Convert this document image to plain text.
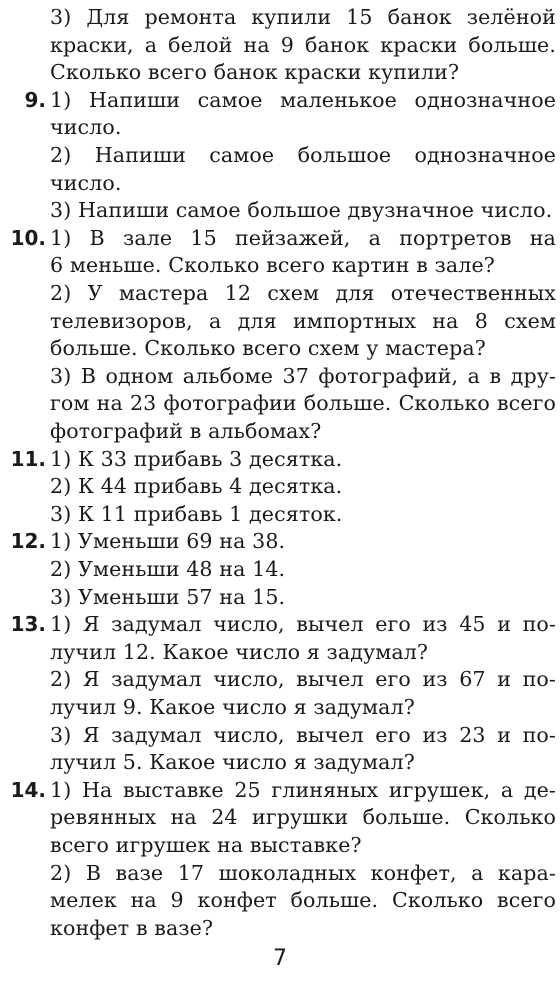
3) Для ремонта купили 15 банок зелёной
краски, а белой на 9 банок краски больше.
Сколько всего банок краски купили?
1) Напиши самое маленькое однозначное
число.
2) Напиши самое большое однозначное
число.
3) Напиши самое большое двузначное число.
1) В зале 15 пейзажей, а портретов на
6 меньше. Сколько всего картин в зале?
2) У мастера 12 схем для отечественных
телевизоров, а для импортных на 8 схем
больше. Сколько всего схем у мастера?
3) В одном альбоме 37 фотографий, а в дру-
гом на 23 фотографии больше. Сколько всего
фотографий в альбомах?
1) К 33 прибавь 3 десятка.
2) К 44 прибавь 4 десятка.
3) К 11 прибавь 1 десяток.
1) Уменьши 69 на 38.
2) Уменьши 48 на 14.
3) Уменьши 57 на 15.
1) Я задумал число, вычел его из 45 и по-
лучил 12. Какое число я задумал?
2) Я задумал число, вычел его из 67 и по-
лучил 9. Какое число я задумал?
3) Я задумал число, вычел его из 23 и по-
лучил 5. Какое число я задумал?
1) На выставке 25 глиняных игрушек, а де-
ревянных на 24 игрушки больше. Сколько
всего игрушек на выставке?
2) В вазе 17 шоколадных конфет, а кара-
мелек на 9 конфет больше. Сколько всего
конфет в вазе?
9.
10.
11.
12.
13.
14.
7
